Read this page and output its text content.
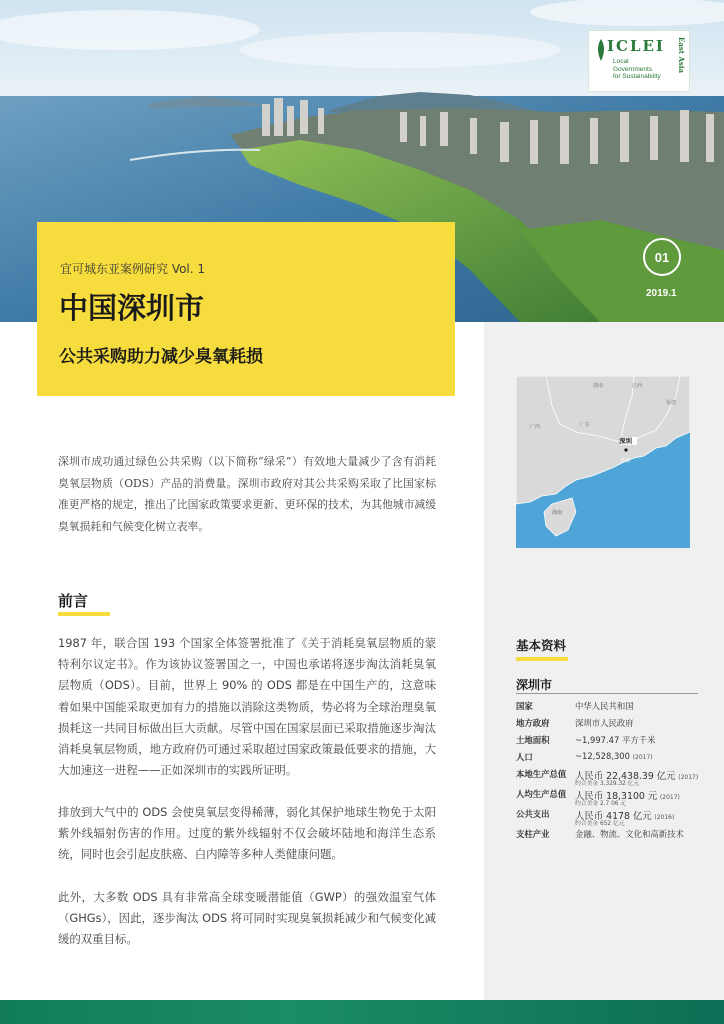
ICLEI
Local
Governments
for Sustainability
East Asia
01
2019.1
宜可城东亚案例研究 Vol. 1
中国深圳市
公共采购助力减少臭氧耗损
深圳市成功通过绿色公共采购（以下简称“绿采”）有效地大量减少了含有消耗臭氧层物质（ODS）产品的消费量。深圳市政府对其公共采购采取了比国家标准更严格的规定，推出了比国家政策要求更新、更环保的技术，为其他城市减缓臭氧损耗和气候变化树立表率。
前言
1987 年，联合国 193 个国家全体签署批准了《关于消耗臭氧层物质的蒙特利尔议定书》。作为该协议签署国之一，中国也承诺将逐步淘汰消耗臭氧层物质（ODS）。目前，世界上 90% 的 ODS 都是在中国生产的，这意味着如果中国能采取更加有力的措施以消除这类物质，势必将为全球治理臭氧损耗这一共同目标做出巨大贡献。尽管中国在国家层面已采取措施逐步淘汰消耗臭氧层物质，地方政府仍可通过采取超过国家政策最低要求的措施，大大加速这一进程——正如深圳市的实践所证明。
排放到大气中的 ODS 会使臭氧层变得稀薄，弱化其保护地球生物免于太阳紫外线辐射伤害的作用。过度的紫外线辐射不仅会破坏陆地和海洋生态系统，同时也会引起皮肤癌、白内障等多种人类健康问题。
此外，大多数 ODS 具有非常高全球变暖潜能值（GWP）的强效温室气体（GHGs），因此，逐步淘汰 ODS 将可同时实现臭氧损耗减少和气候变化减缓的双重目标。
湖南	江西
福建
广西	广东
深圳
香港
海南
基本资料
深圳市
国家	中华人民共和国
地方政府	深圳市人民政府
土地面积	~1,997.47 平方千米
人口	~12,528,300 (2017)
本地生产总值 人民币 22,438.39 亿元 (2017)
约合美金 3,329.32 亿元
人均生产总值 人民币 18,3100 元 (2017)
约合美金 2.7 06 元
公共支出	人民币 4178 亿元 (2016)
约合美金 652 亿元
支柱产业	金融、物流、文化和高新技术
